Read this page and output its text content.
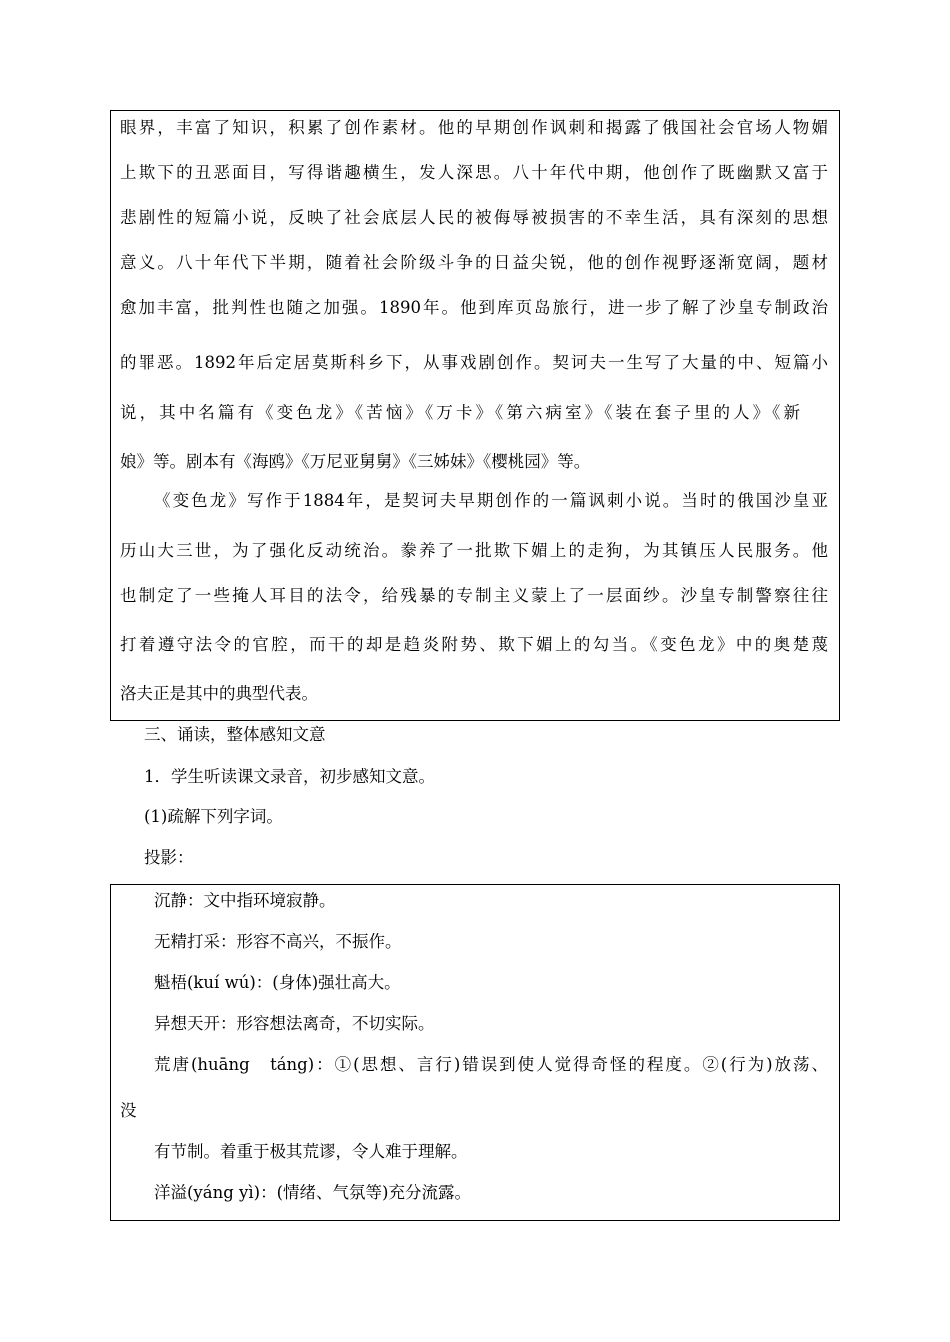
眼界，丰富了知识，积累了创作素材。他的早期创作讽刺和揭露了俄国社会官场人物媚
上欺下的丑恶面目，写得谐趣横生，发人深思。八十年代中期，他创作了既幽默又富于
悲剧性的短篇小说，反映了社会底层人民的被侮辱被损害的不幸生活，具有深刻的思想
意义。八十年代下半期，随着社会阶级斗争的日益尖锐，他的创作视野逐渐宽阔，题材
愈加丰富，批判性也随之加强。1890年。他到库页岛旅行，进一步了解了沙皇专制政治
的罪恶。1892年后定居莫斯科乡下，从事戏剧创作。契诃夫一生写了大量的中、短篇小
说，其中名篇有《变色龙》《苦恼》《万卡》《第六病室》《装在套子里的人》《新
娘》等。剧本有《海鸥》《万尼亚舅舅》《三姊妹》《樱桃园》等。
《变色龙》写作于1884年，是契诃夫早期创作的一篇讽刺小说。当时的俄国沙皇亚
历山大三世，为了强化反动统治。豢养了一批欺下媚上的走狗，为其镇压人民服务。他
也制定了一些掩人耳目的法令，给残暴的专制主义蒙上了一层面纱。沙皇专制警察往往
打着遵守法令的官腔，而干的却是趋炎附势、欺下媚上的勾当。《变色龙》中的奥楚蔑
洛夫正是其中的典型代表。
三、诵读，整体感知文意
1．学生听读课文录音，初步感知文意。
(1)疏解下列字词。
投影：
沉静：文中指环境寂静。
无精打采：形容不高兴，不振作。
魁梧(kuí wú)：(身体)强壮高大。
异想天开：形容想法离奇，不切实际。
荒唐(huāng　táng)：①(思想、言行)错误到使人觉得奇怪的程度。②(行为)放荡、
没
有节制。着重于极其荒谬，令人难于理解。
洋溢(yáng yì)：(情绪、气氛等)充分流露。
